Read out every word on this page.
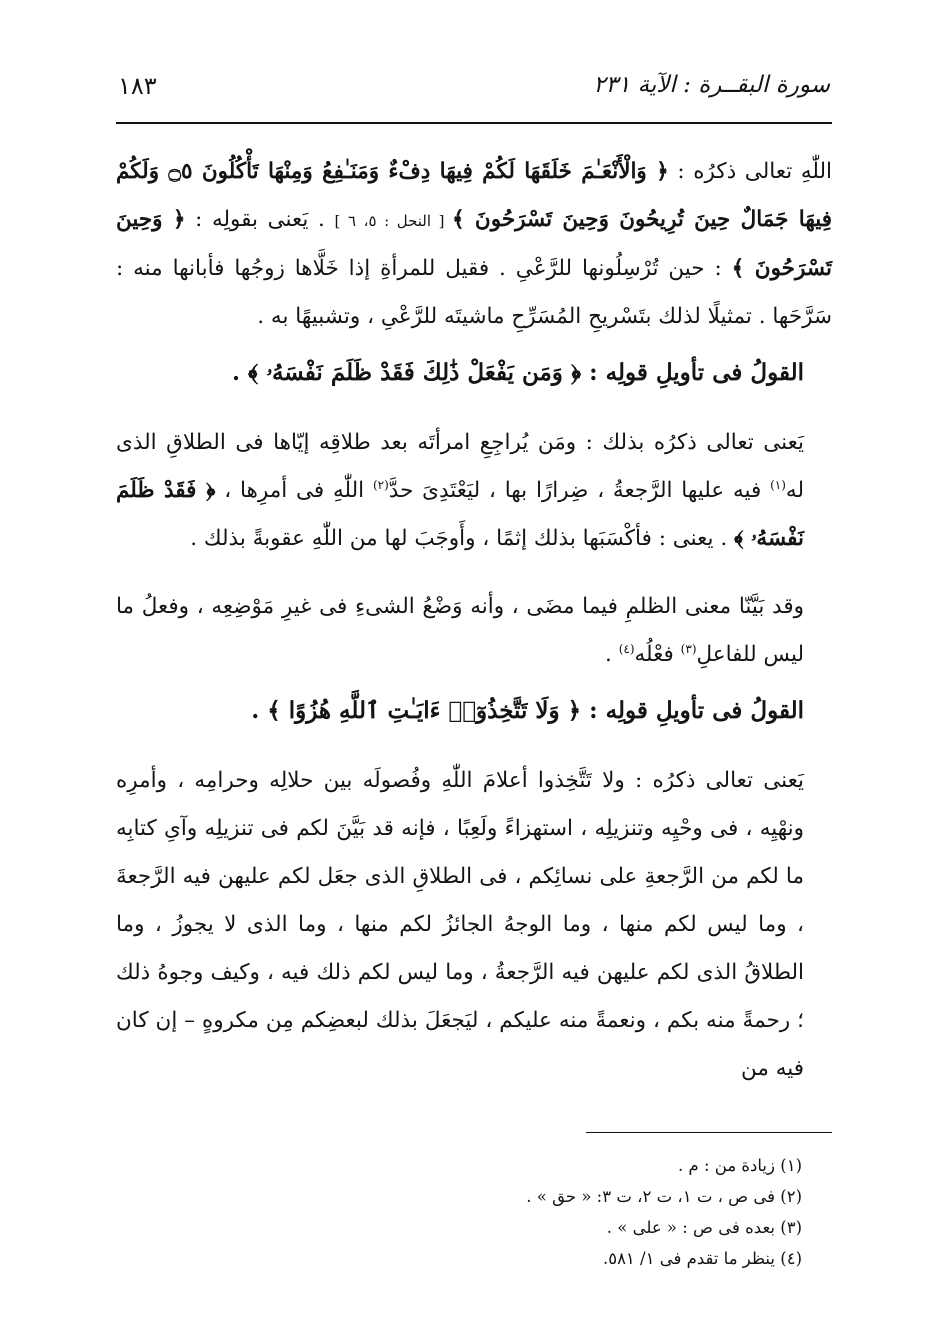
١٨٣	سورة البقــرة : الآية ٢٣١

اللّٰهِ تعالى ذكرُه : ﴿ وَالْأَنْعَـٰمَ خَلَقَهَا لَكُمْ فِيهَا دِفْءٌ وَمَنَـٰفِعُ وَمِنْهَا تَأْكُلُونَ ۝٥ وَلَكُمْ فِيهَا جَمَالٌ حِينَ تُرِيحُونَ وَحِينَ تَسْرَحُونَ ﴾ [ النحل : ٥، ٦ ] . يَعنى بقولِه : ﴿ وَحِينَ تَسْرَحُونَ ﴾ : حين تُرْسِلُونها للرَّعْىِ . فقيل للمرأةِ إذا خَلَّاها زوجُها فأبانها منه : سَرَّحَها . تمثيلًا لذلك بتَسْريحِ المُسَرِّحِ ماشيتَه للرَّعْىِ ، وتشبيهًا به .

القولُ فى تأويلِ قولِه : ﴿ وَمَن يَفْعَلْ ذَٰلِكَ فَقَدْ ظَلَمَ نَفْسَهُۥ ﴾ .

يَعنى تعالى ذكرُه بذلك : ومَن يُراجِعِ امرأتَه بعد طلاقِه إيّاها فى الطلاقِ الذى له$^{(١)}$ فيه عليها الرَّجعةُ ، ضِرارًا بها ، ليَعْتَدِىَ حدَّ$^{(٢)}$ اللّٰهِ فى أمرِها ، ﴿ فَقَدْ ظَلَمَ نَفْسَهُۥ ﴾ . يعنى : فأكْسَبَها بذلك إثمًا ، وأَوجَبَ لها من اللّٰهِ عقوبةً بذلك .

وقد بَيَّنّا معنى الظلمِ فيما مضَى ، وأنه وَضْعُ الشىءِ فى غيرِ مَوْضِعِه ، وفعلُ ما ليس للفاعلِ$^{(٣)}$ فعْلُه$^{(٤)}$ .

القولُ فى تأويلِ قولِه : ﴿ وَلَا تَتَّخِذُوٓا۟ ءَايَـٰتِ ٱللَّهِ هُزُوًا ﴾ .

يَعنى تعالى ذكرُه : ولا تَتَّخِذوا أعلامَ اللّٰهِ وفُصولَه بين حلالِه وحرامِه ، وأمرِه ونهْيِه ، فى وحْيِه وتنزيلِه ، استهزاءً ولَعِبًا ، فإنه قد بَيَّنَ لكم فى تنزيلِه وآىِ كتابِه ما لكم من الرَّجعةِ على نسائِكم ، فى الطلاقِ الذى جعَل لكم عليهن فيه الرَّجعةَ ، وما ليس لكم منها ، وما الوجهُ الجائزُ لكم منها ، وما الذى لا يجوزُ ، وما الطلاقُ الذى لكم عليهن فيه الرَّجعةُ ، وما ليس لكم ذلك فيه ، وكيف وجوهُ ذلك ؛ رحمةً منه بكم ، ونعمةً منه عليكم ، ليَجعَلَ بذلك لبعضِكم مِن مكروهٍ – إن كان فيه من

(١) زيادة من : م .

(٢) فى ص ، ت ١، ت ٢، ت ٣: « حق » .

(٣) بعده فى ص : « على » .

(٤) ينظر ما تقدم فى ١/ ٥٨١.
